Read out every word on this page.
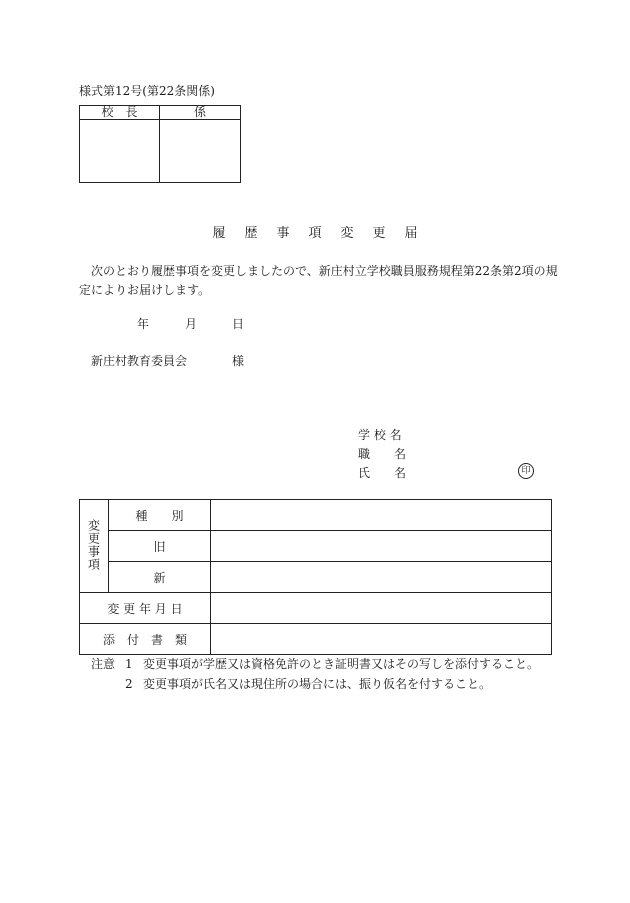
様式第12号(第22条関係)
校　長	係

履歴事項変更届
次のとおり履歴事項を変更しましたので、新庄村立学校職員服務規程第22条第2項の規定によりお届けします。
年	月	日
新庄村教育委員会	様
学 校 名
職　　名
氏　　名	印
変更事項	種　　別	
	旧	
	新	
変 更 年 月 日		
添　付　書　類		
注意 1 変更事項が学歴又は資格免許のとき証明書又はその写しを添付すること。
2 変更事項が氏名又は現住所の場合には、振り仮名を付すること。
